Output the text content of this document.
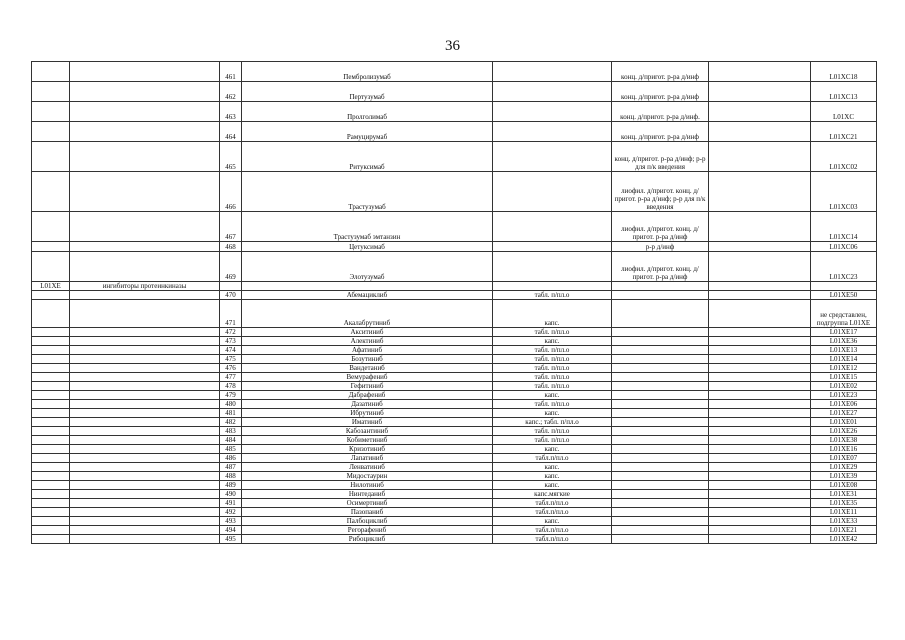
36
		461	Пембролизумаб		конц. д/пригот. р-ра д/инф		L01XC18
		462	Пертузумаб		конц. д/пригот. р-ра д/инф		L01XC13
		463	Пролголимаб		конц. д/пригот. р-ра д/инф.		L01XC
		464	Рамуцирумаб		конц. д/пригот. р-ра д/инф		L01XC21
		465	Ритуксимаб		конц. д/пригот. р-ра д/инф; р-р для п/к введения		L01XC02
		466	Трастузумаб		лиофил. д/пригот. конц. д/пригот. р-ра д/инф; р-р для п/к введения		L01XC03
		467	Трастузумаб эмтанзин		лиофил. д/пригот. конц. д/пригот. р-ра д/инф		L01XC14
		468	Цетуксимаб		р-р д/инф		L01XC06
		469	Элотузумаб		лиофил. д/пригот. конц. д/пригот. р-ра д/инф		L01XC23
L01XE	ингибиторы протеинкиназы						
		470	Абемациклиб	табл. п/пл.о			L01XE50
		471	Акалабрутиниб	капс.			не средставлен, подгруппа L01XE
		472	Акситиниб	табл. п/пл.о			L01XE17
		473	Алектиниб	капс.			L01XE36
		474	Афатиниб	табл. п/пл.о			L01XE13
		475	Бозутиниб	табл. п/пл.о			L01XE14
		476	Вандетаниб	табл. п/пл.о			L01XE12
		477	Вемурафениб	табл. п/пл.о			L01XE15
		478	Гефитиниб	табл. п/пл.о			L01XE02
		479	Дабрафениб	капс.			L01XE23
		480	Дазатиниб	табл. п/пл.о			L01XE06
		481	Ибрутиниб	капс.			L01XE27
		482	Иматиниб	капс.; табл. п/пл.о			L01XE01
		483	Кабозантиниб	табл. п/пл.о			L01XE26
		484	Кобиметиниб	табл. п/пл.о			L01XE38
		485	Кризотиниб	капс.			L01XE16
		486	Лапатиниб	табл.п/пл.о			L01XE07
		487	Ленватиниб	капс.			L01XE29
		488	Мидостаурин	капс.			L01XE39
		489	Нилотиниб	капс.			L01XE08
		490	Нинтеданиб	капс.мягкие			L01XE31
		491	Осимертиниб	табл.п/пл.о			L01XE35
		492	Пазопаниб	табл.п/пл.о			L01XE11
		493	Палбоциклиб	капс.			L01XE33
		494	Регорафениб	табл.п/пл.о			L01XE21
		495	Рибоциклиб	табл.п/пл.о			L01XE42
